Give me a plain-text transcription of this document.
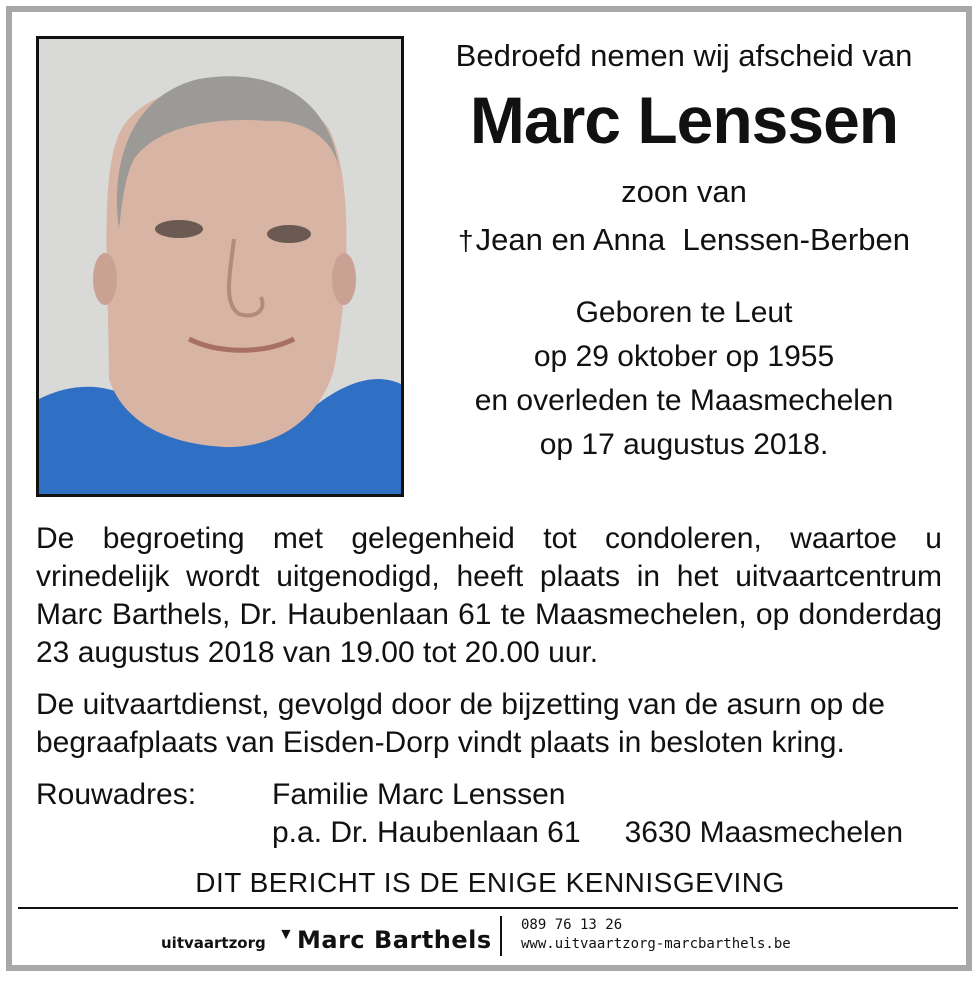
Bedroefd nemen wij afscheid van
Marc Lenssen
zoon van
†Jean en Anna  Lenssen-Berben
Geboren te Leut
op 29 oktober op 1955
en overleden te Maasmechelen
op 17 augustus 2018.
De begroeting met gelegenheid tot condoleren, waartoe u vrinedelijk wordt uitgenodigd, heeft plaats in het uitvaartcentrum Marc Barthels, Dr. Haubenlaan 61 te Maasmechelen, op donderdag 23 augustus 2018 van 19.00 tot 20.00 uur.
De uitvaartdienst, gevolgd door de bijzetting van de asurn op de begraafplaats van Eisden-Dorp vindt plaats in besloten kring.
Rouwadres:	Familie Marc Lenssen
p.a. Dr. Haubenlaan 61 3630 Maasmechelen
DIT BERICHT IS DE ENIGE KENNISGEVING
uitvaartzorg ▼ Marc Barthels
089 76 13 26
www.uitvaartzorg-marcbarthels.be
